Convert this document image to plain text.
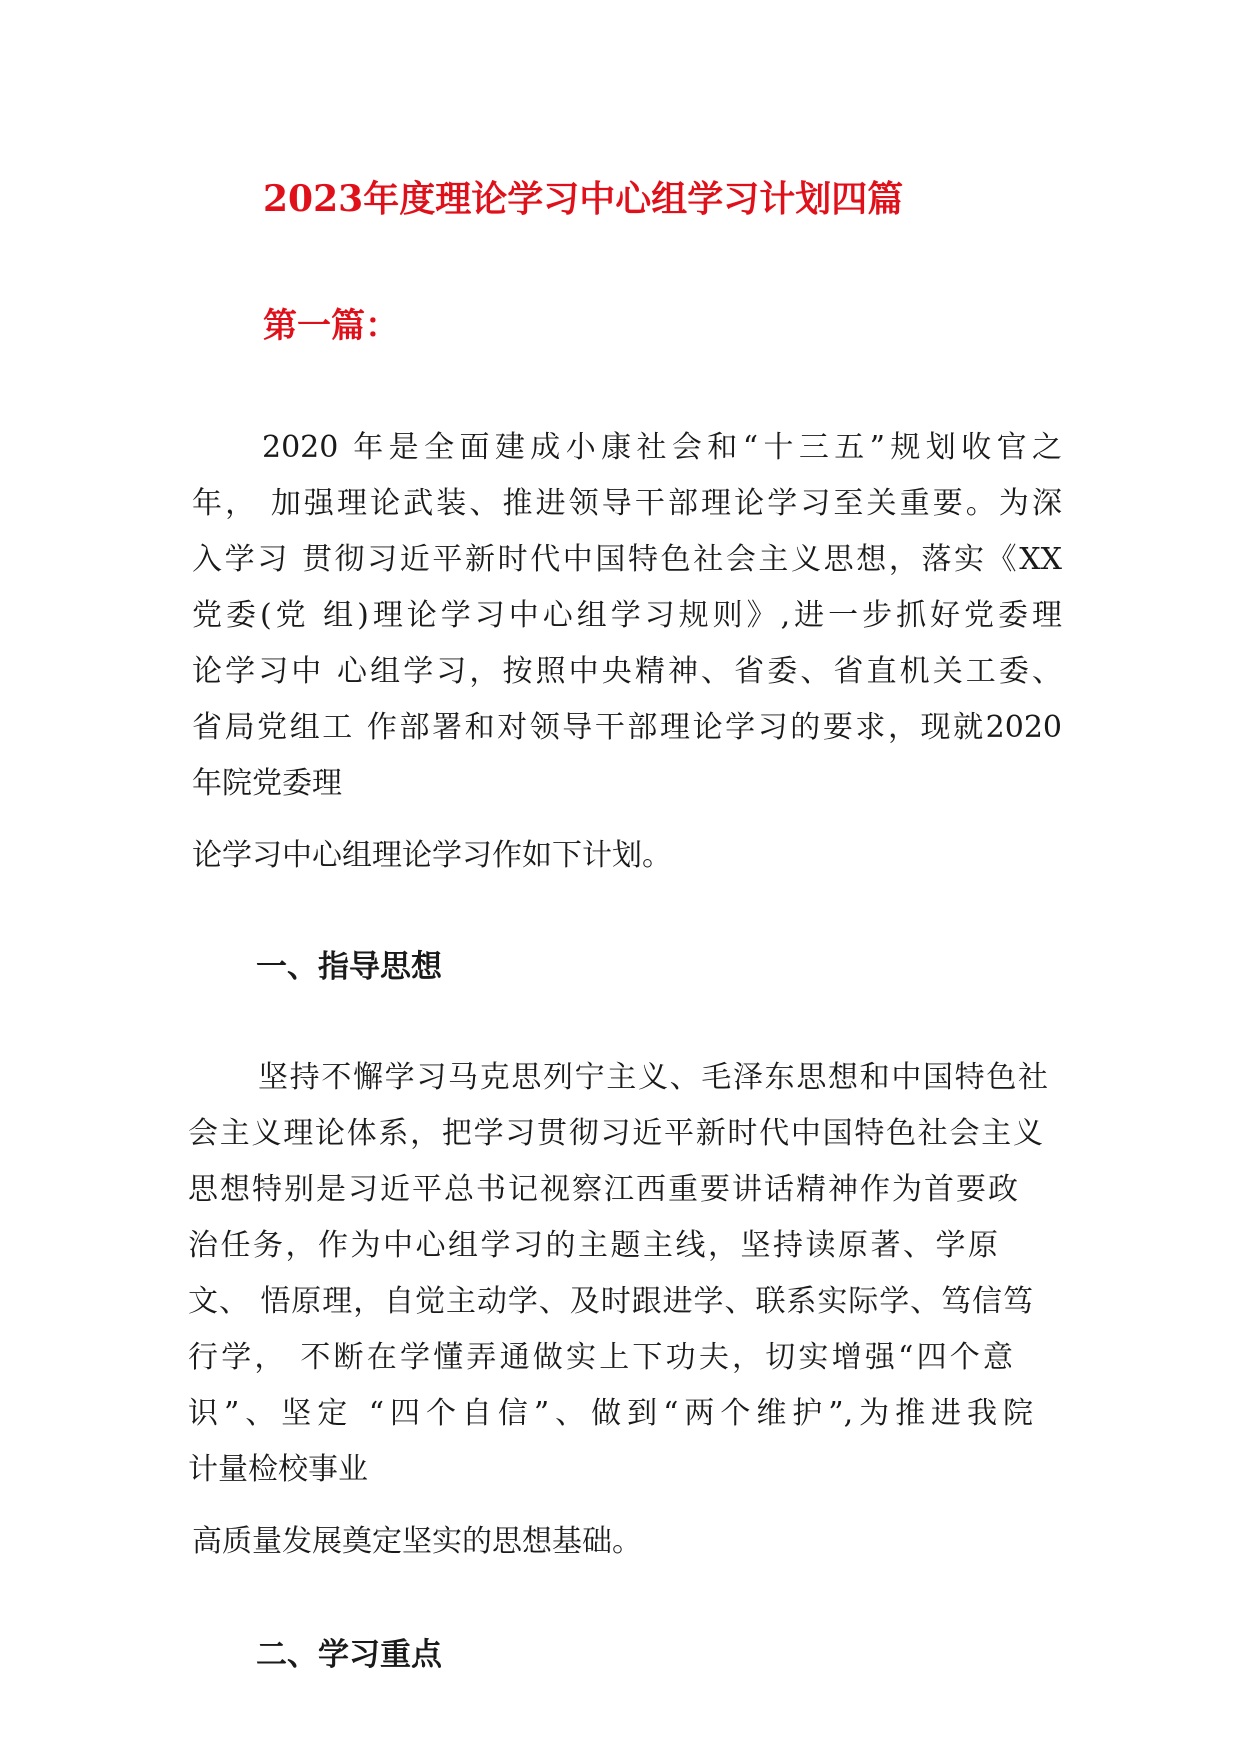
2023年度理论学习中心组学习计划四篇
第一篇：
2020 年是全面建成小康社会和“十三五”规划收官之
年， 加强理论武装、推进领导干部理论学习至关重要。为深
入学习 贯彻习近平新时代中国特色社会主义思想，落实《XX
党委(党 组)理论学习中心组学习规则》,进一步抓好党委理
论学习中 心组学习，按照中央精神、省委、省直机关工委、
省局党组工 作部署和对领导干部理论学习的要求，现就2020
年院党委理
论学习中心组理论学习作如下计划。
一、指导思想
坚持不懈学习马克思列宁主义、毛泽东思想和中国特色社
会主义理论体系，把学习贯彻习近平新时代中国特色社会主义
思想特别是习近平总书记视察江西重要讲话精神作为首要政
治任务，作为中心组学习的主题主线，坚持读原著、学原
文、 悟原理，自觉主动学、及时跟进学、联系实际学、笃信笃
行学， 不断在学懂弄通做实上下功夫，切实增强“四个意
识”、坚定 “四个自信”、做到“两个维护”,为推进我院
计量检校事业
高质量发展奠定坚实的思想基础。
二、学习重点
